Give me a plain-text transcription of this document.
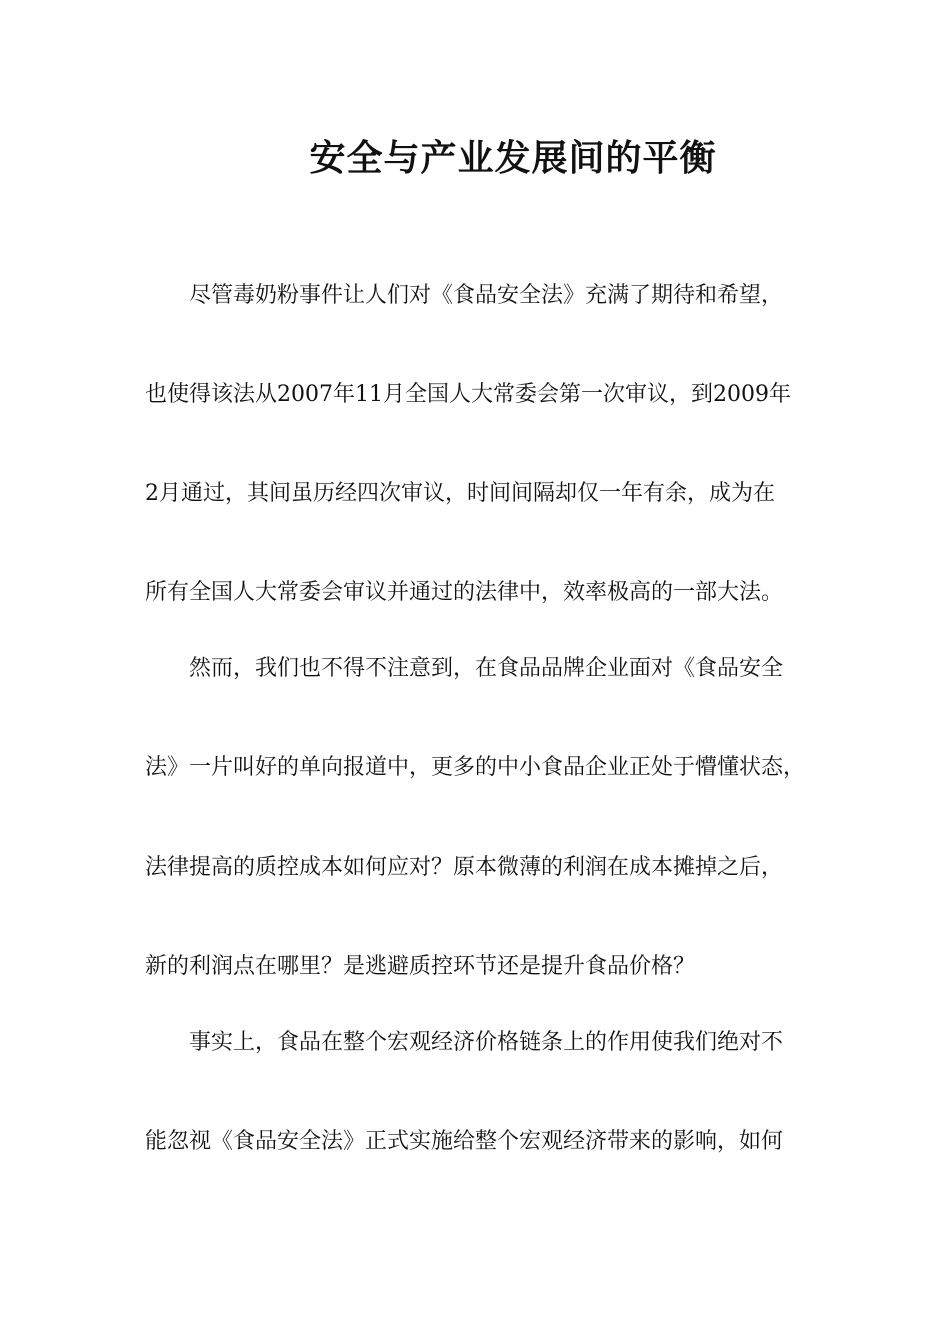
安全与产业发展间的平衡
尽管毒奶粉事件让人们对《食品安全法》充满了期待和希望，
也使得该法从2007年11月全国人大常委会第一次审议，到2009年
2月通过，其间虽历经四次审议，时间间隔却仅一年有余，成为在
所有全国人大常委会审议并通过的法律中，效率极高的一部大法。
然而，我们也不得不注意到，在食品品牌企业面对《食品安全
法》一片叫好的单向报道中，更多的中小食品企业正处于懵懂状态，
法律提高的质控成本如何应对？原本微薄的利润在成本摊掉之后，
新的利润点在哪里？是逃避质控环节还是提升食品价格？
事实上，食品在整个宏观经济价格链条上的作用使我们绝对不
能忽视《食品安全法》正式实施给整个宏观经济带来的影响，如何
